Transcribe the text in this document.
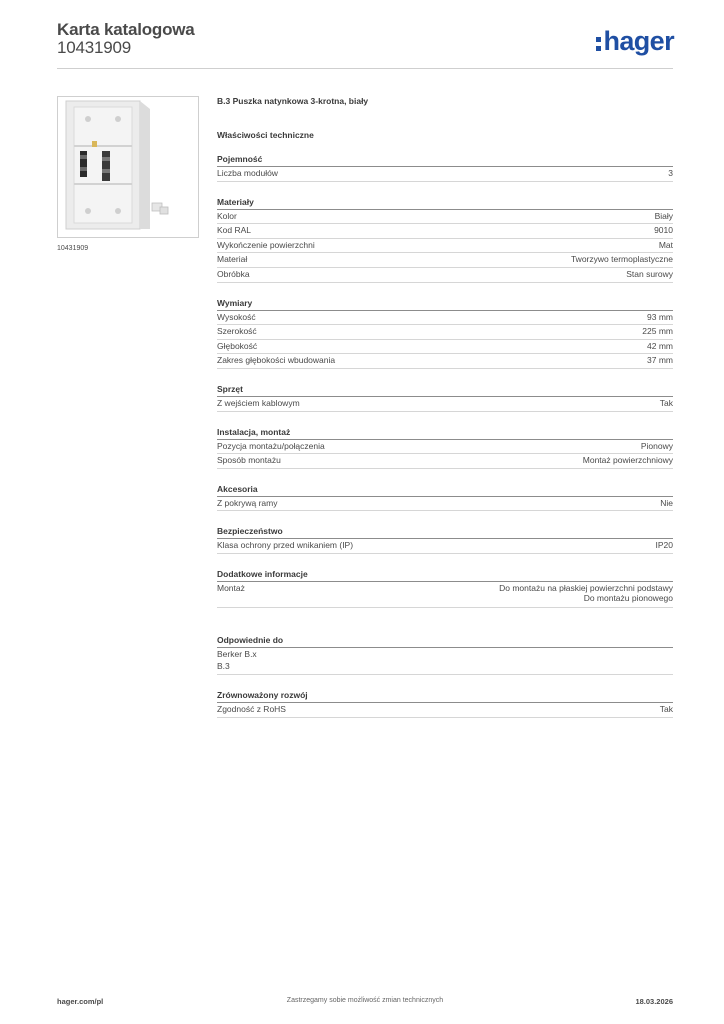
Karta katalogowa
10431909	hager
10431909
B.3 Puszka natynkowa 3-krotna, biały
Właściwości techniczne
Pojemność
Liczba modułów	3
Materiały
Kolor	Biały
Kod RAL	9010
Wykończenie powierzchni	Mat
Materiał	Tworzywo termoplastyczne
Obróbka	Stan surowy
Wymiary
Wysokość	93 mm
Szerokość	225 mm
Głębokość	42 mm
Zakres głębokości wbudowania	37 mm
Sprzęt
Z wejściem kablowym	Tak
Instalacja, montaż
Pozycja montażu/połączenia	Pionowy
Sposób montażu	Montaż powierzchniowy
Akcesoria
Z pokrywą ramy	Nie
Bezpieczeństwo
Klasa ochrony przed wnikaniem (IP)	IP20
Dodatkowe informacje
Montaż	Do montażu na płaskiej powierzchni podstawy
Do montażu pionowego
Odpowiednie do
Berker B.x
B.3
Zrównoważony rozwój
Zgodność z RoHS	Tak
hager.com/pl	Zastrzegamy sobie możliwość zmian technicznych	18.03.2026
